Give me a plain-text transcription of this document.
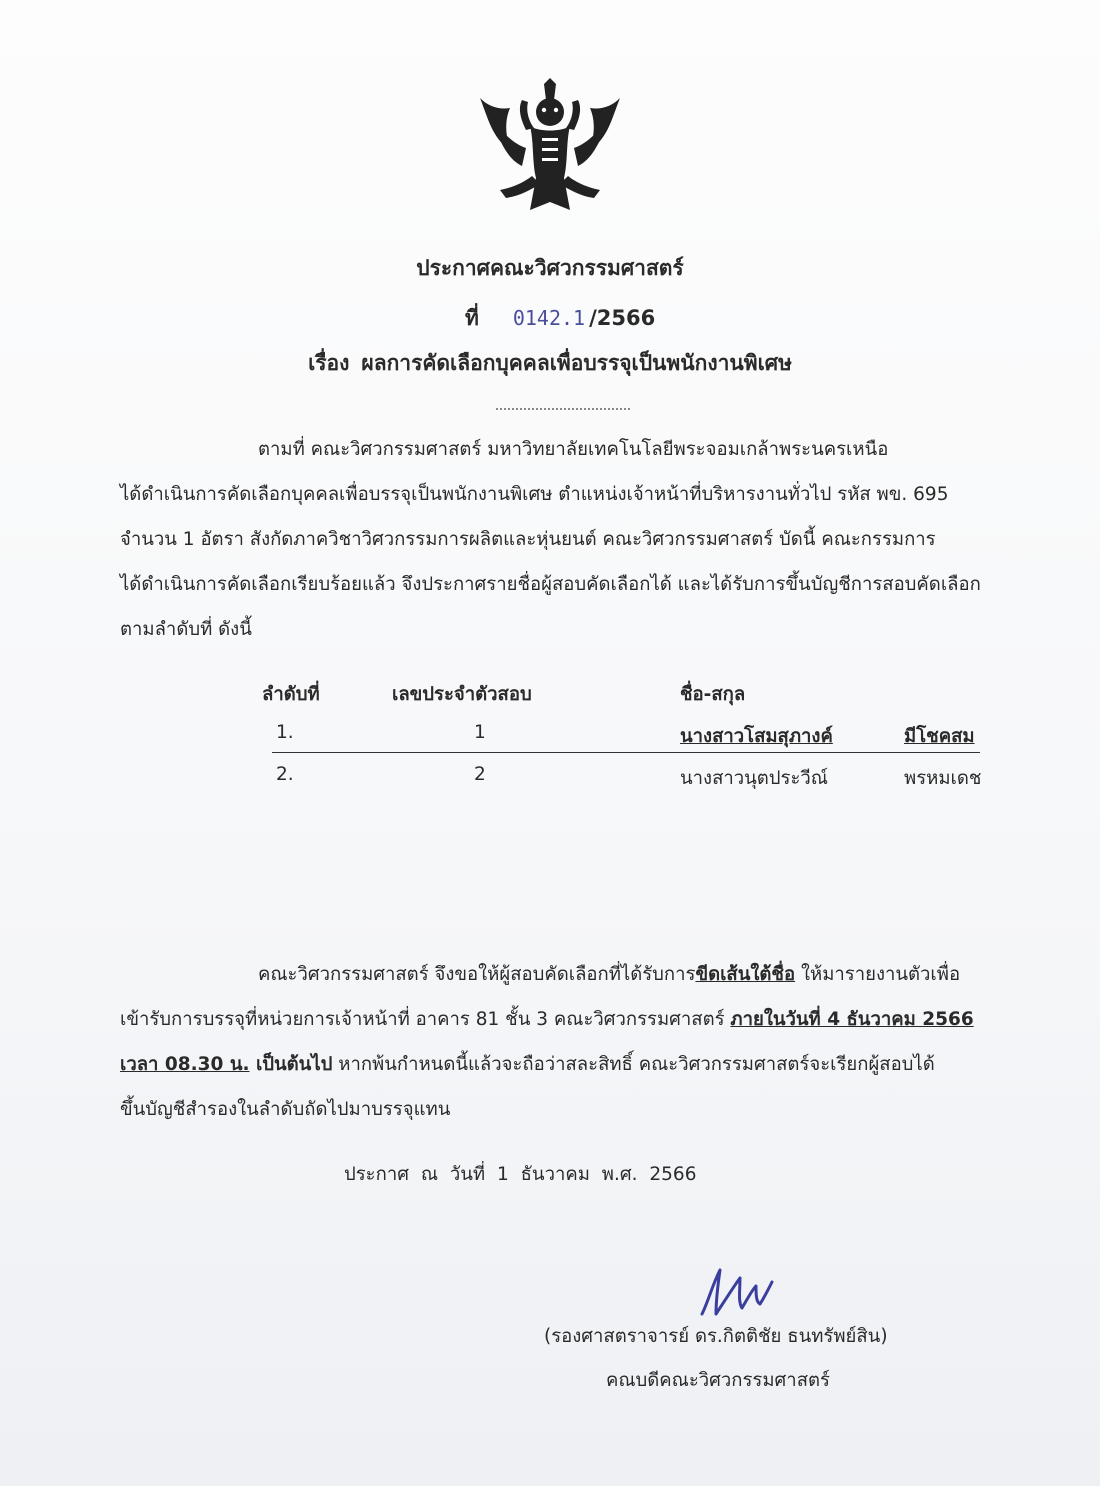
ประกาศคณะวิศวกรรมศาสตร์
ที่ 0142.1 /2566
เรื่อง ผลการคัดเลือกบุคคลเพื่อบรรจุเป็นพนักงานพิเศษ
ตามที่ คณะวิศวกรรมศาสตร์ มหาวิทยาลัยเทคโนโลยีพระจอมเกล้าพระนครเหนือ
ได้ดำเนินการคัดเลือกบุคคลเพื่อบรรจุเป็นพนักงานพิเศษ ตำแหน่งเจ้าหน้าที่บริหารงานทั่วไป รหัส พข. 695
จำนวน 1 อัตรา สังกัดภาควิชาวิศวกรรมการผลิตและหุ่นยนต์ คณะวิศวกรรมศาสตร์ บัดนี้ คณะกรรมการ
ได้ดำเนินการคัดเลือกเรียบร้อยแล้ว จึงประกาศรายชื่อผู้สอบคัดเลือกได้ และได้รับการขึ้นบัญชีการสอบคัดเลือก
ตามลำดับที่ ดังนี้
ลำดับที่	เลขประจำตัวสอบ	ชื่อ-สกุล
1.	1	นางสาวโสมสุภางค์	มีโชคสม
2.	2	นางสาวนุตประวีณ์	พรหมเดช
คณะวิศวกรรมศาสตร์ จึงขอให้ผู้สอบคัดเลือกที่ได้รับการขีดเส้นใต้ชื่อ ให้มารายงานตัวเพื่อ
เข้ารับการบรรจุที่หน่วยการเจ้าหน้าที่ อาคาร 81 ชั้น 3 คณะวิศวกรรมศาสตร์ ภายในวันที่ 4 ธันวาคม 2566
เวลา 08.30 น. เป็นต้นไป หากพ้นกำหนดนี้แล้วจะถือว่าสละสิทธิ์ คณะวิศวกรรมศาสตร์จะเรียกผู้สอบได้
ขึ้นบัญชีสำรองในลำดับถัดไปมาบรรจุแทน
ประกาศ ณ วันที่ 1 ธันวาคม พ.ศ. 2566
(รองศาสตราจารย์ ดร.กิตติชัย ธนทรัพย์สิน)
คณบดีคณะวิศวกรรมศาสตร์
